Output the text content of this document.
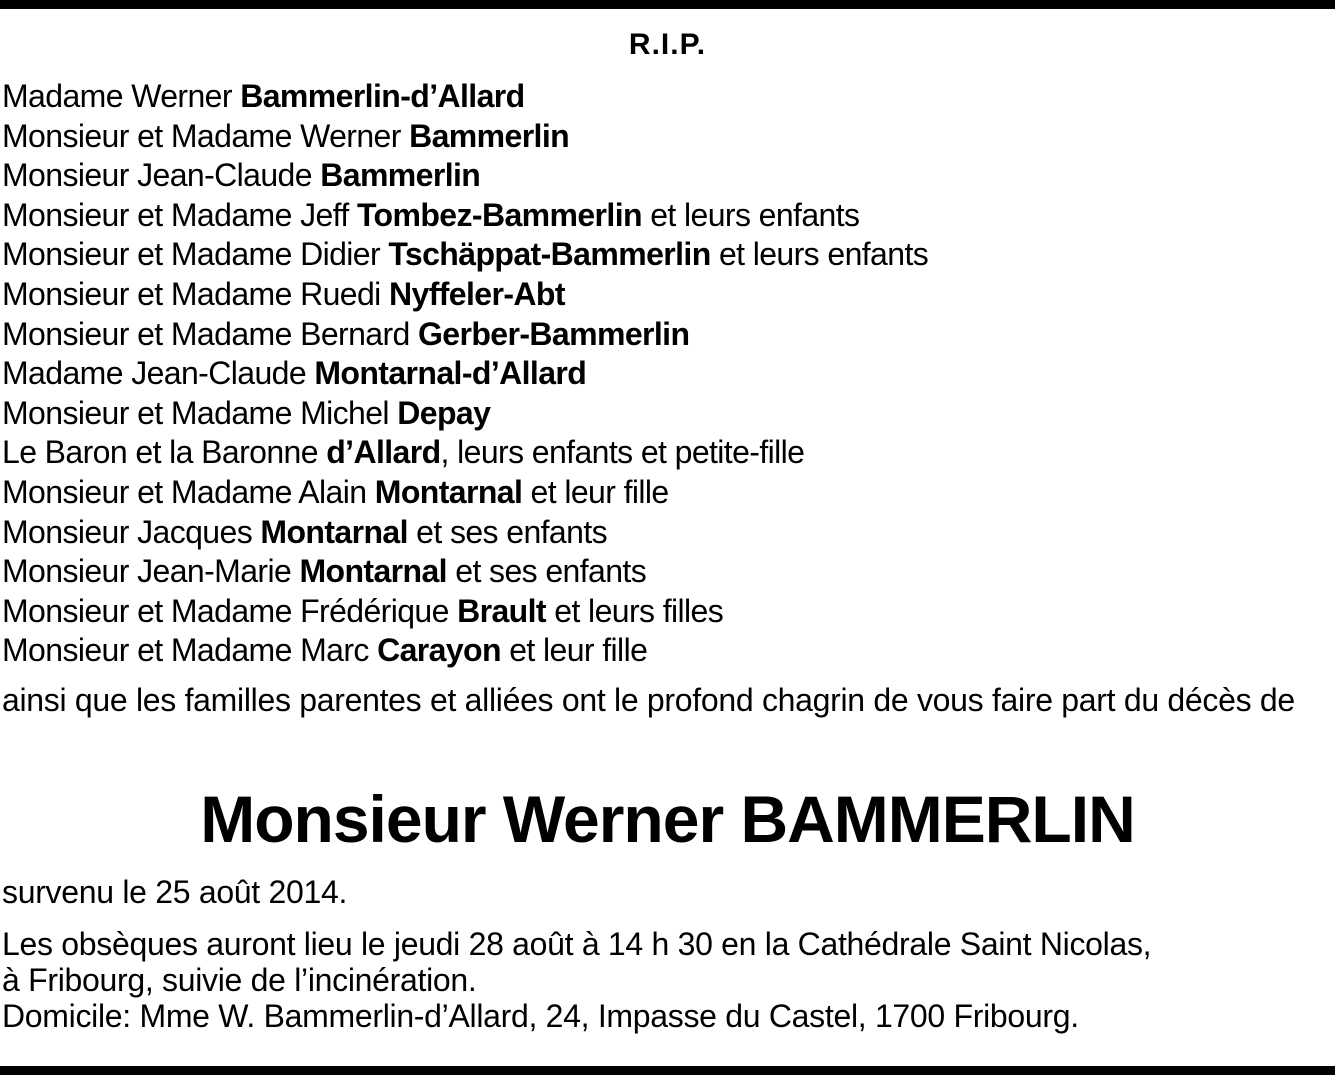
R.I.P.
Madame Werner Bammerlin-d’Allard
Monsieur et Madame Werner Bammerlin
Monsieur Jean-Claude Bammerlin
Monsieur et Madame Jeff Tombez-Bammerlin et leurs enfants
Monsieur et Madame Didier Tschäppat-Bammerlin et leurs enfants
Monsieur et Madame Ruedi Nyffeler-Abt
Monsieur et Madame Bernard Gerber-Bammerlin
Madame Jean-Claude Montarnal-d’Allard
Monsieur et Madame Michel Depay
Le Baron et la Baronne d’Allard, leurs enfants et petite-fille
Monsieur et Madame Alain Montarnal et leur fille
Monsieur Jacques Montarnal et ses enfants
Monsieur Jean-Marie Montarnal et ses enfants
Monsieur et Madame Frédérique Brault et leurs filles
Monsieur et Madame Marc Carayon et leur fille
ainsi que les familles parentes et alliées ont le profond chagrin de vous faire part du décès de
Monsieur Werner BAMMERLIN
survenu le 25 août 2014.
Les obsèques auront lieu le jeudi 28 août à 14 h 30 en la Cathédrale Saint Nicolas,
à Fribourg, suivie de l’incinération.
Domicile: Mme W. Bammerlin-d’Allard, 24, Impasse du Castel, 1700 Fribourg.
